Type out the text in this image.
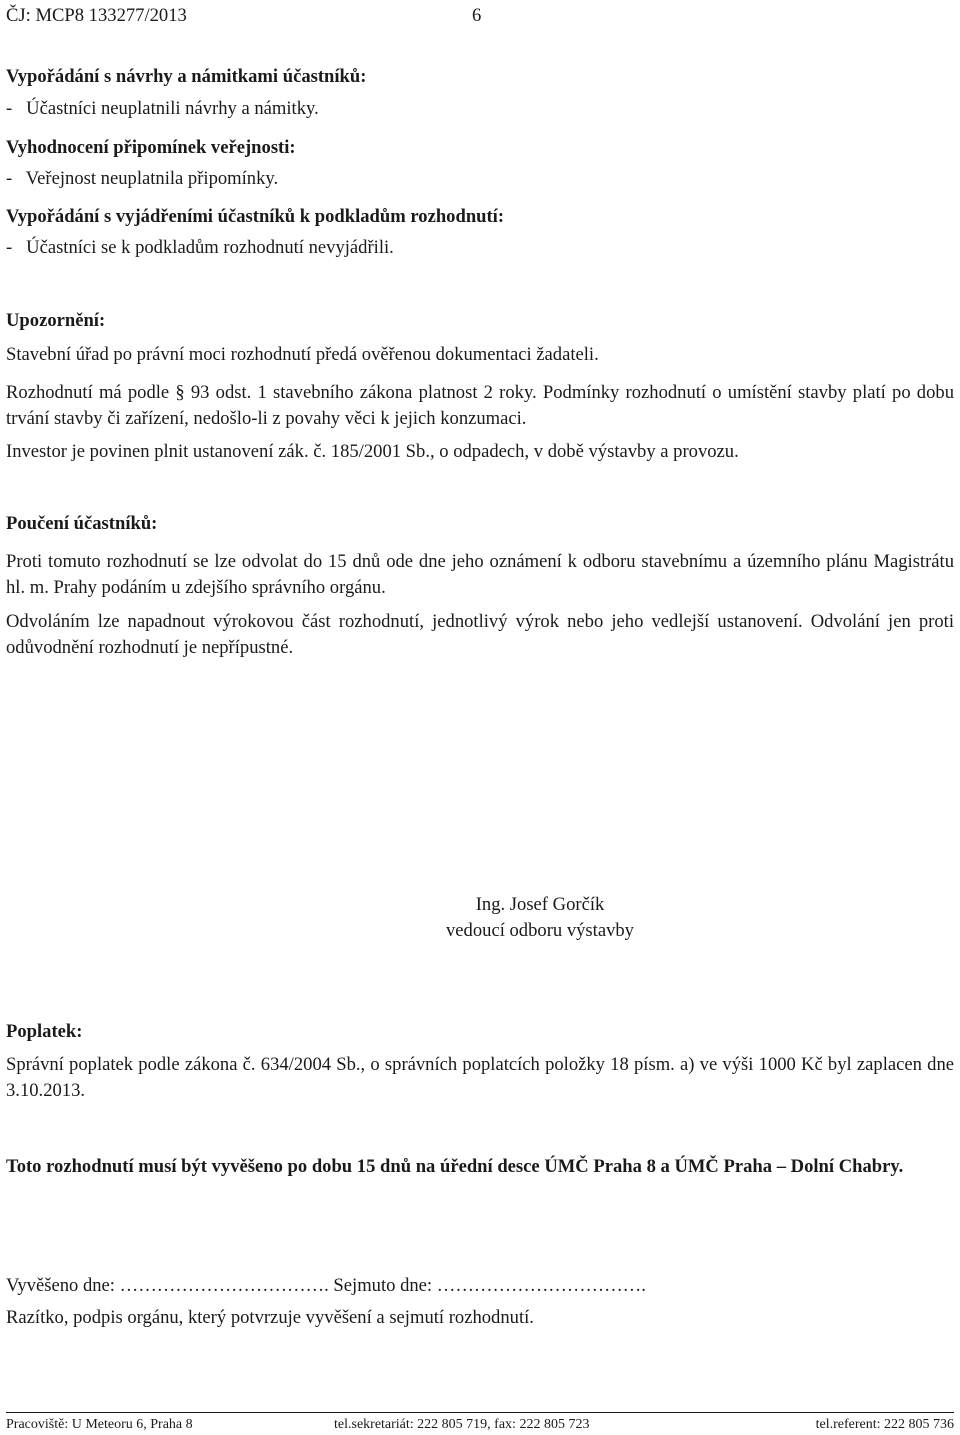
ČJ: MCP8 133277/2013	6

Vypořádání s návrhy a námitkami účastníků:

-   Účastníci neuplatnili návrhy a námitky.

Vyhodnocení připomínek veřejnosti:

-   Veřejnost neuplatnila připomínky.

Vypořádání s vyjádřeními účastníků k podkladům rozhodnutí:

-   Účastníci se k podkladům rozhodnutí nevyjádřili.

Upozornění:

Stavební úřad po právní moci rozhodnutí předá ověřenou dokumentaci žadateli.

Rozhodnutí má podle § 93 odst. 1 stavebního zákona platnost 2 roky. Podmínky rozhodnutí o umístění stavby platí po dobu trvání stavby či zařízení, nedošlo-li z povahy věci k jejich konzumaci.

Investor je povinen plnit ustanovení zák. č. 185/2001 Sb., o odpadech, v době výstavby a provozu.

Poučení účastníků:

Proti tomuto rozhodnutí se lze odvolat do 15 dnů ode dne jeho oznámení k odboru stavebnímu a územního plánu Magistrátu hl. m. Prahy podáním u zdejšího správního orgánu.

Odvoláním lze napadnout výrokovou část rozhodnutí, jednotlivý výrok nebo jeho vedlejší ustanovení. Odvolání jen proti odůvodnění rozhodnutí je nepřípustné.

Ing. Josef Gorčík

vedoucí odboru výstavby

Poplatek:

Správní poplatek podle zákona č. 634/2004 Sb., o správních poplatcích položky 18 písm. a) ve výši 1000 Kč byl zaplacen dne 3.10.2013.

Toto rozhodnutí musí být vyvěšeno po dobu 15 dnů na úřední desce ÚMČ Praha 8 a ÚMČ Praha – Dolní Chabry.

Vyvěšeno dne: ……………………………. Sejmuto dne: …………………………….

Razítko, podpis orgánu, který potvrzuje vyvěšení a sejmutí rozhodnutí.

Pracoviště: U Meteoru 6, Praha 8	tel.sekretariát: 222 805 719, fax: 222 805 723	tel.referent: 222 805 736
